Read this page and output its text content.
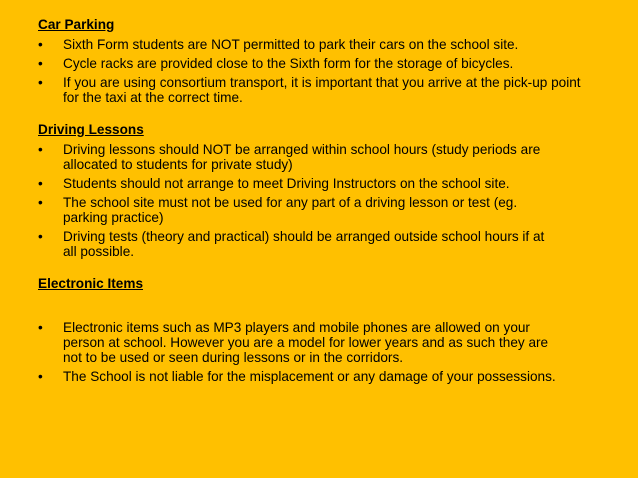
Car Parking
• Sixth Form students are NOT permitted to park their cars on the school site.
• Cycle racks are provided close to the Sixth form for the storage of bicycles.
• If you are using consortium transport, it is important that you arrive at the pick-up point for the taxi at the correct time.
Driving Lessons
• Driving lessons should NOT be arranged within school hours (study periods are allocated to students for private study)
• Students should not arrange to meet Driving Instructors on the school site.
• The school site must not be used for any part of a driving lesson or test (eg. parking practice)
• Driving tests (theory and practical) should be arranged outside school hours if at all possible.
Electronic Items
• Electronic items such as MP3 players and mobile phones are allowed on your person at school. However you are a model for lower years and as such they are not to be used or seen during lessons or in the corridors.
• The School is not liable for the misplacement or any damage of your possessions.
